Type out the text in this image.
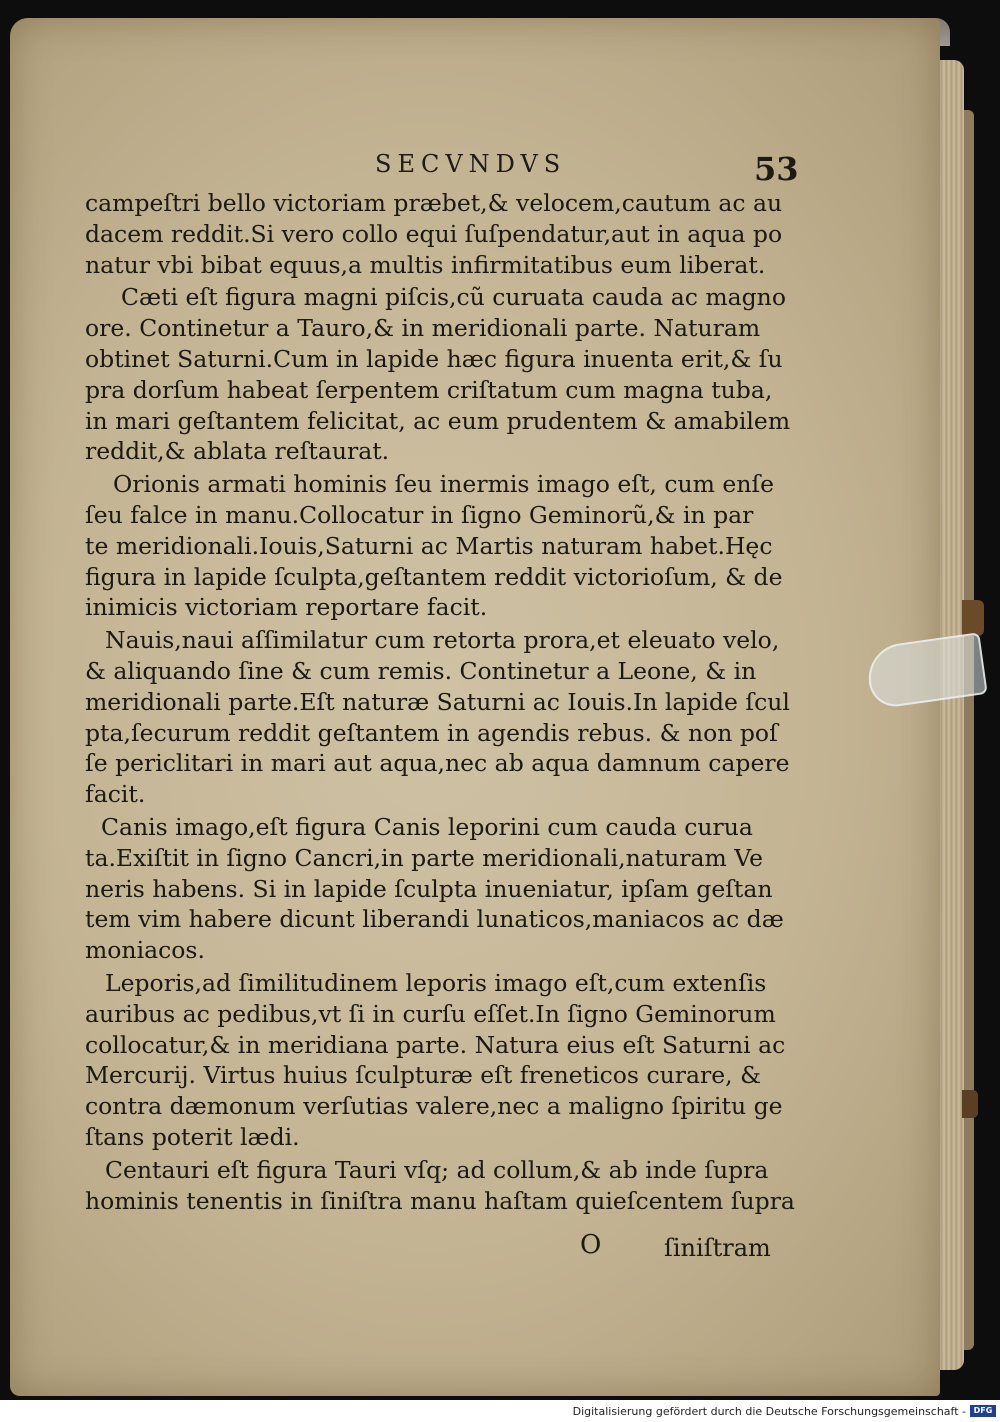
SECVNDVS	53
campeſtri bello victoriam præbet,& velocem,cautum ac au
dacem reddit.Si vero collo equi ſuſpendatur,aut in aqua po
natur vbi bibat equus,a multis infirmitatibus eum liberat.
Cæti eſt figura magni piſcis,cũ curuata cauda ac magno
ore. Continetur a Tauro,& in meridionali parte. Naturam
obtinet Saturni.Cum in lapide hæc figura inuenta erit,& ſu
pra dorſum habeat ſerpentem criſtatum cum magna tuba,
in mari geſtantem felicitat, ac eum prudentem & amabilem
reddit,& ablata reſtaurat.
Orionis armati hominis ſeu inermis imago eſt, cum enſe
ſeu falce in manu.Collocatur in ſigno Geminorũ,& in par
te meridionali.Iouis,Saturni ac Martis naturam habet.Hęc
figura in lapide ſculpta,geſtantem reddit victorioſum, & de
inimicis victoriam reportare facit.
Nauis,naui aſſimilatur cum retorta prora,et eleuato velo,
& aliquando ſine & cum remis. Continetur a Leone, & in
meridionali parte.Eſt naturæ Saturni ac Iouis.In lapide ſcul
pta,ſecurum reddit geſtantem in agendis rebus. & non poſ
ſe periclitari in mari aut aqua,nec ab aqua damnum capere
facit.
Canis imago,eſt figura Canis leporini cum cauda curua
ta.Exiſtit in ſigno Cancri,in parte meridionali,naturam Ve
neris habens. Si in lapide ſculpta inueniatur, ipſam geſtan
tem vim habere dicunt liberandi lunaticos,maniacos ac dæ
moniacos.
Leporis,ad ſimilitudinem leporis imago eſt,cum extenſis
auribus ac pedibus,vt ſi in curſu eſſet.In ſigno Geminorum
collocatur,& in meridiana parte. Natura eius eſt Saturni ac
Mercurij. Virtus huius ſculpturæ eſt freneticos curare, &
contra dæmonum verſutias valere,nec a maligno ſpiritu ge
ſtans poterit lædi.
Centauri eſt figura Tauri vſq; ad collum,& ab inde ſupra
hominis tenentis in ſiniſtra manu haſtam quieſcentem ſupra
O	ſiniſtram
Digitalisierung gefördert durch die Deutsche Forschungsgemeinschaft - DFG
